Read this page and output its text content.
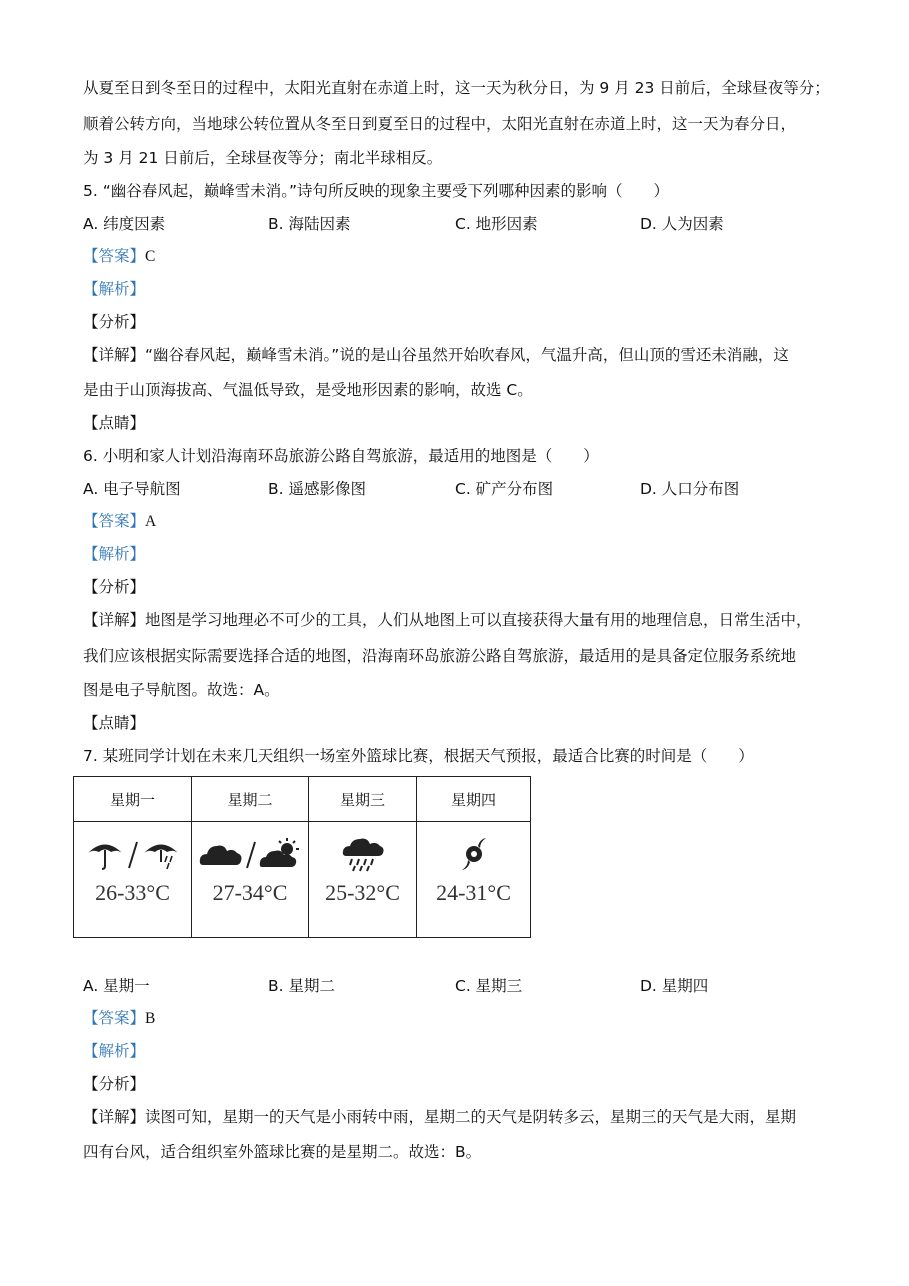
从夏至日到冬至日的过程中，太阳光直射在赤道上时，这一天为秋分日，为 9 月 23 日前后，全球昼夜等分；
顺着公转方向，当地球公转位置从冬至日到夏至日的过程中，太阳光直射在赤道上时，这一天为春分日，
为 3 月 21 日前后，全球昼夜等分；南北半球相反。
5. “幽谷春风起，巅峰雪未消。”诗句所反映的现象主要受下列哪种因素的影响（　　）
A. 纬度因素	B. 海陆因素	C. 地形因素	D. 人为因素
【答案】C
【解析】
【分析】
【详解】“幽谷春风起，巅峰雪未消。”说的是山谷虽然开始吹春风，气温升高，但山顶的雪还未消融，这
是由于山顶海拔高、气温低导致，是受地形因素的影响，故选 C。
【点睛】
6. 小明和家人计划沿海南环岛旅游公路自驾旅游，最适用的地图是（　　）
A. 电子导航图	B. 遥感影像图	C. 矿产分布图	D. 人口分布图
【答案】A
【解析】
【分析】
【详解】地图是学习地理必不可少的工具，人们从地图上可以直接获得大量有用的地理信息，日常生活中，
我们应该根据实际需要选择合适的地图，沿海南环岛旅游公路自驾旅游，最适用的是具备定位服务系统地
图是电子导航图。故选：A。
【点睛】
7. 某班同学计划在未来几天组织一场室外篮球比赛，根据天气预报，最适合比赛的时间是（　　）
星期一	星期二	星期三	星期四

26-33°C	27-34°C	25-32°C	24-31°C
A. 星期一	B. 星期二	C. 星期三	D. 星期四
【答案】B
【解析】
【分析】
【详解】读图可知，星期一的天气是小雨转中雨，星期二的天气是阴转多云，星期三的天气是大雨，星期
四有台风，适合组织室外篮球比赛的是星期二。故选：B。
